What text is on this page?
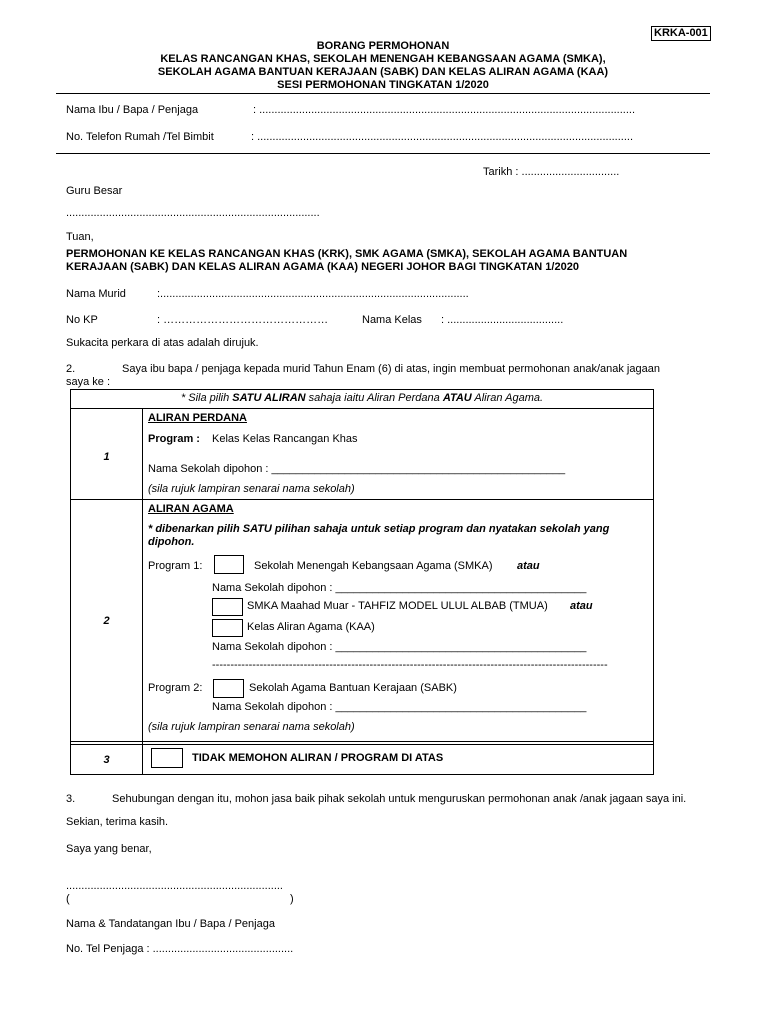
KRKA-001
BORANG PERMOHONAN
KELAS RANCANGAN KHAS, SEKOLAH MENENGAH KEBANGSAAN AGAMA (SMKA),
SEKOLAH AGAMA BANTUAN KERAJAAN (SABK) DAN KELAS ALIRAN AGAMA (KAA)
SESI PERMOHONAN TINGKATAN 1/2020
Nama Ibu / Bapa / Penjaga	: ...........................................................................................................................
No. Telefon Rumah /Tel Bimbit	: ...........................................................................................................................
Tarikh : ................................
Guru Besar
...................................................................................
Tuan,
PERMOHONAN KE KELAS RANCANGAN KHAS (KRK), SMK AGAMA (SMKA), SEKOLAH AGAMA BANTUAN
KERAJAAN (SABK) DAN KELAS ALIRAN AGAMA (KAA) NEGERI JOHOR BAGI TINGKATAN 1/2020
Nama Murid	:.....................................................................................................
No KP	: ………………………………………	Nama Kelas : ......................................
Sukacita perkara di atas adalah dirujuk.
2.	Saya ibu bapa / penjaga kepada murid Tahun Enam (6) di atas, ingin membuat permohonan anak/anak jagaan
saya ke :
* Sila pilih SATU ALIRAN sahaja iaitu Aliran Perdana ATAU Aliran Agama.
1
ALIRAN PERDANA
Program : Kelas Kelas Rancangan Khas
Nama Sekolah dipohon : ________________________________________________
(sila rujuk lampiran senarai nama sekolah)
2
ALIRAN AGAMA
* dibenarkan pilih SATU pilihan sahaja untuk setiap program dan nyatakan sekolah yang
dipohon.
Program 1:	Sekolah Menengah Kebangsaan Agama (SMKA) atau
Nama Sekolah dipohon : _________________________________________
SMKA Maahad Muar - TAHFIZ MODEL ULUL ALBAB (TMUA) atau
Kelas Aliran Agama (KAA)
Nama Sekolah dipohon : _________________________________________
------------------------------------------------------------------------------------------------------------
Program 2:	Sekolah Agama Bantuan Kerajaan (SABK)
Nama Sekolah dipohon : _________________________________________
(sila rujuk lampiran senarai nama sekolah)
3	TIDAK MEMOHON ALIRAN / PROGRAM DI ATAS
3.	Sehubungan dengan itu, mohon jasa baik pihak sekolah untuk menguruskan permohonan anak /anak jagaan saya ini.
Sekian, terima kasih.
Saya yang benar,
.......................................................................
(	)
Nama & Tandatangan Ibu / Bapa / Penjaga
No. Tel Penjaga : ..............................................
